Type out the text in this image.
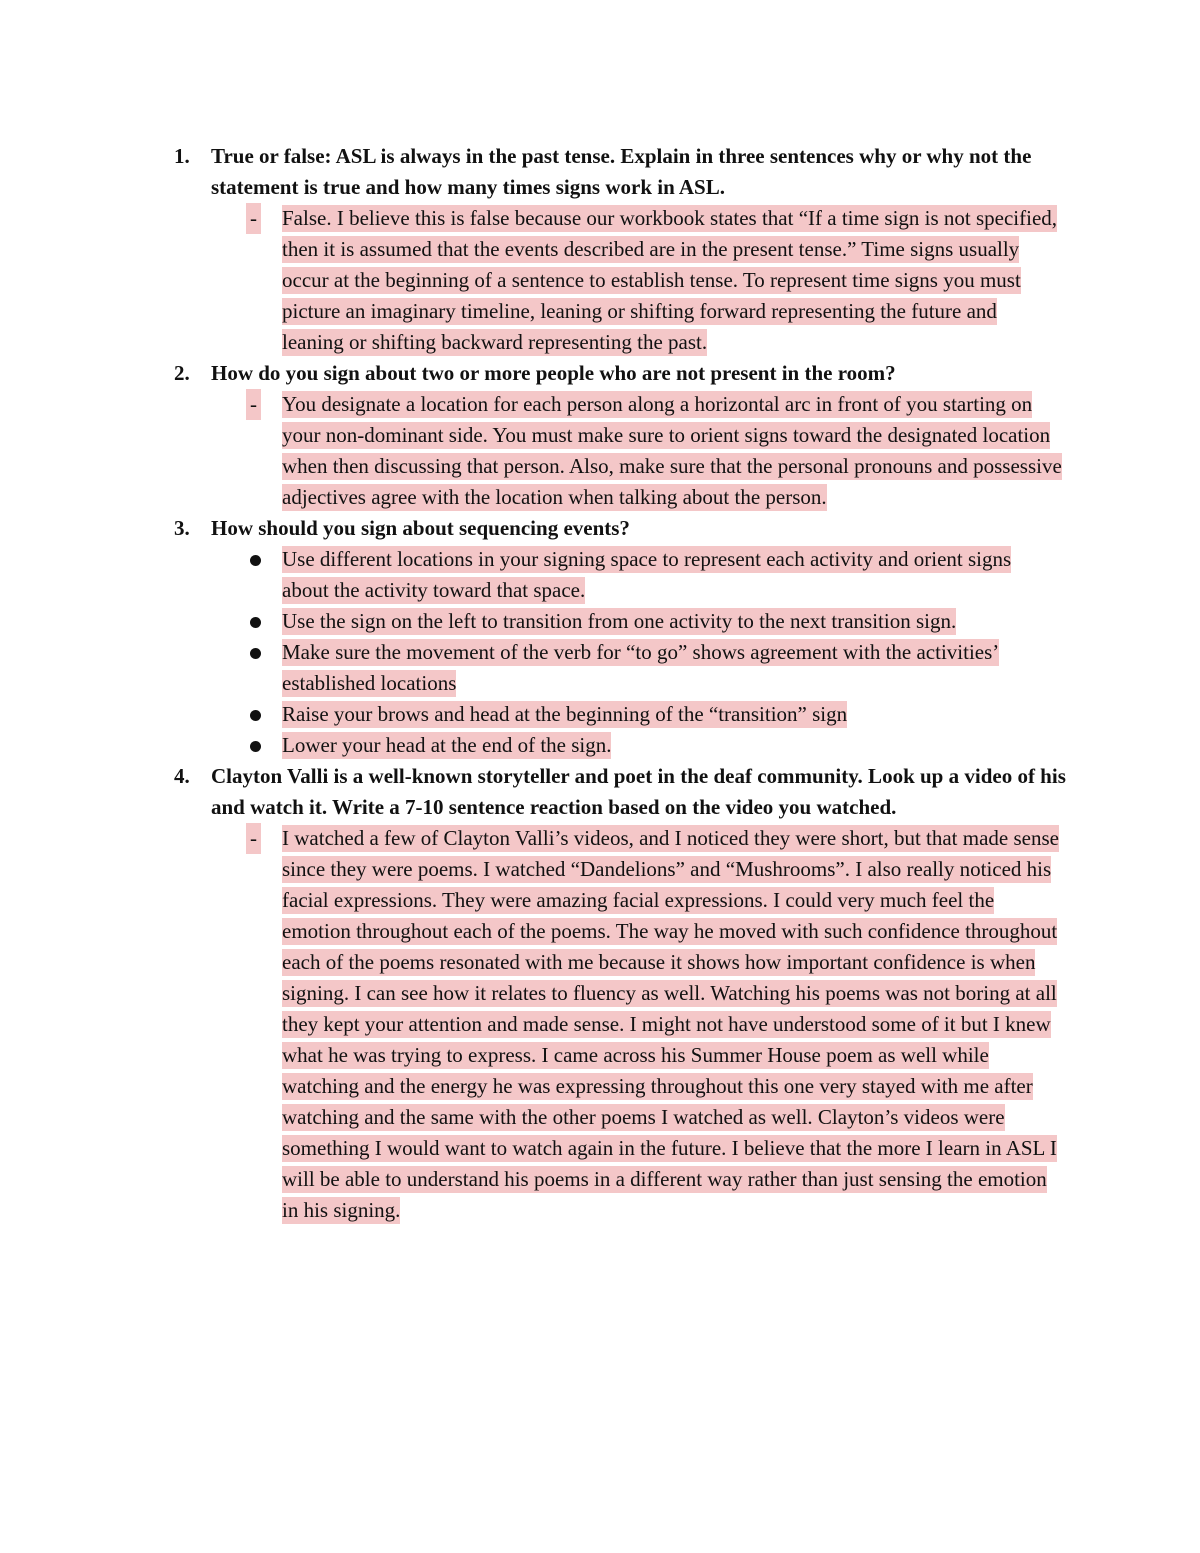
1.	True or false: ASL is always in the past tense. Explain in three sentences why or why not the statement is true and how many times signs work in ASL.
-	False. I believe this is false because our workbook states that “If a time sign is not specified, then it is assumed that the events described are in the present tense.” Time signs usually occur at the beginning of a sentence to establish tense. To represent time signs you must picture an imaginary timeline, leaning or shifting forward representing the future and leaning or shifting backward representing the past.
2.	How do you sign about two or more people who are not present in the room?
-	You designate a location for each person along a horizontal arc in front of you starting on your non-dominant side. You must make sure to orient signs toward the designated location when then discussing that person. Also, make sure that the personal pronouns and possessive adjectives agree with the location when talking about the person.
3.	How should you sign about sequencing events?
Use different locations in your signing space to represent each activity and orient signs about the activity toward that space.
Use the sign on the left to transition from one activity to the next transition sign.
Make sure the movement of the verb for “to go” shows agreement with the activities’ established locations
Raise your brows and head at the beginning of the “transition” sign
Lower your head at the end of the sign.
4.	Clayton Valli is a well-known storyteller and poet in the deaf community. Look up a video of his and watch it. Write a 7-10 sentence reaction based on the video you watched.
-	I watched a few of Clayton Valli’s videos, and I noticed they were short, but that made sense since they were poems. I watched “Dandelions” and “Mushrooms”. I also really noticed his facial expressions. They were amazing facial expressions. I could very much feel the emotion throughout each of the poems. The way he moved with such confidence throughout each of the poems resonated with me because it shows how important confidence is when signing. I can see how it relates to fluency as well. Watching his poems was not boring at all they kept your attention and made sense. I might not have understood some of it but I knew what he was trying to express. I came across his Summer House poem as well while watching and the energy he was expressing throughout this one very stayed with me after watching and the same with the other poems I watched as well. Clayton’s videos were something I would want to watch again in the future. I believe that the more I learn in ASL I will be able to understand his poems in a different way rather than just sensing the emotion in his signing.
